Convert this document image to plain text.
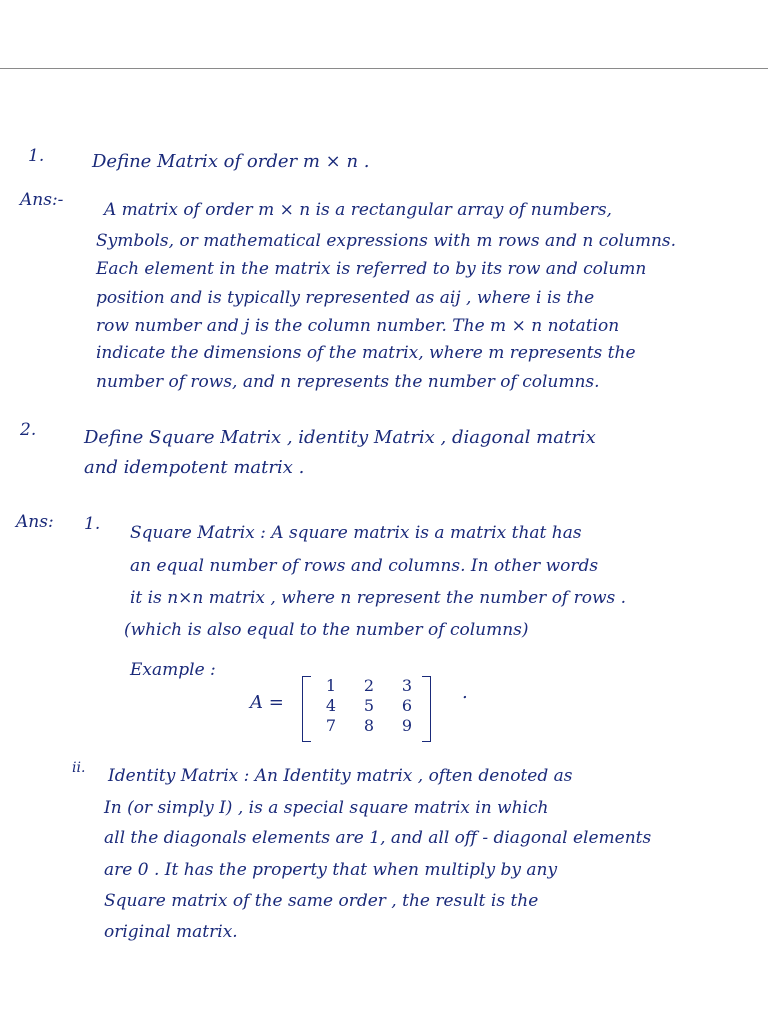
1.	Define Matrix of order m × n .
Ans:- A matrix of order m × n is a rectangular array of numbers,
Symbols, or mathematical expressions with m rows and n columns.
Each element in the matrix is referred to by its row and column
position and is typically represented as aij , where i is the
row number and j is the column number. The m × n notation
indicate the dimensions of the matrix, where m represents the
number of rows, and n represents the number of columns.
2.	Define Square Matrix , identity Matrix , diagonal matrix
and idempotent matrix .
Ans: 1. Square Matrix : A square matrix is a matrix that has
an equal number of rows and columns. In other words
it is n×n matrix , where n represent the number of rows .
(which is also equal to the number of columns)
Example :
A =
1	2	3
4	5	6
7	8	9
.
ii. Identity Matrix : An Identity matrix , often denoted as
In (or simply I) , is a special square matrix in which
all the diagonals elements are 1, and all off - diagonal elements
are 0 . It has the property that when multiply by any
Square matrix of the same order , the result is the
original matrix.
